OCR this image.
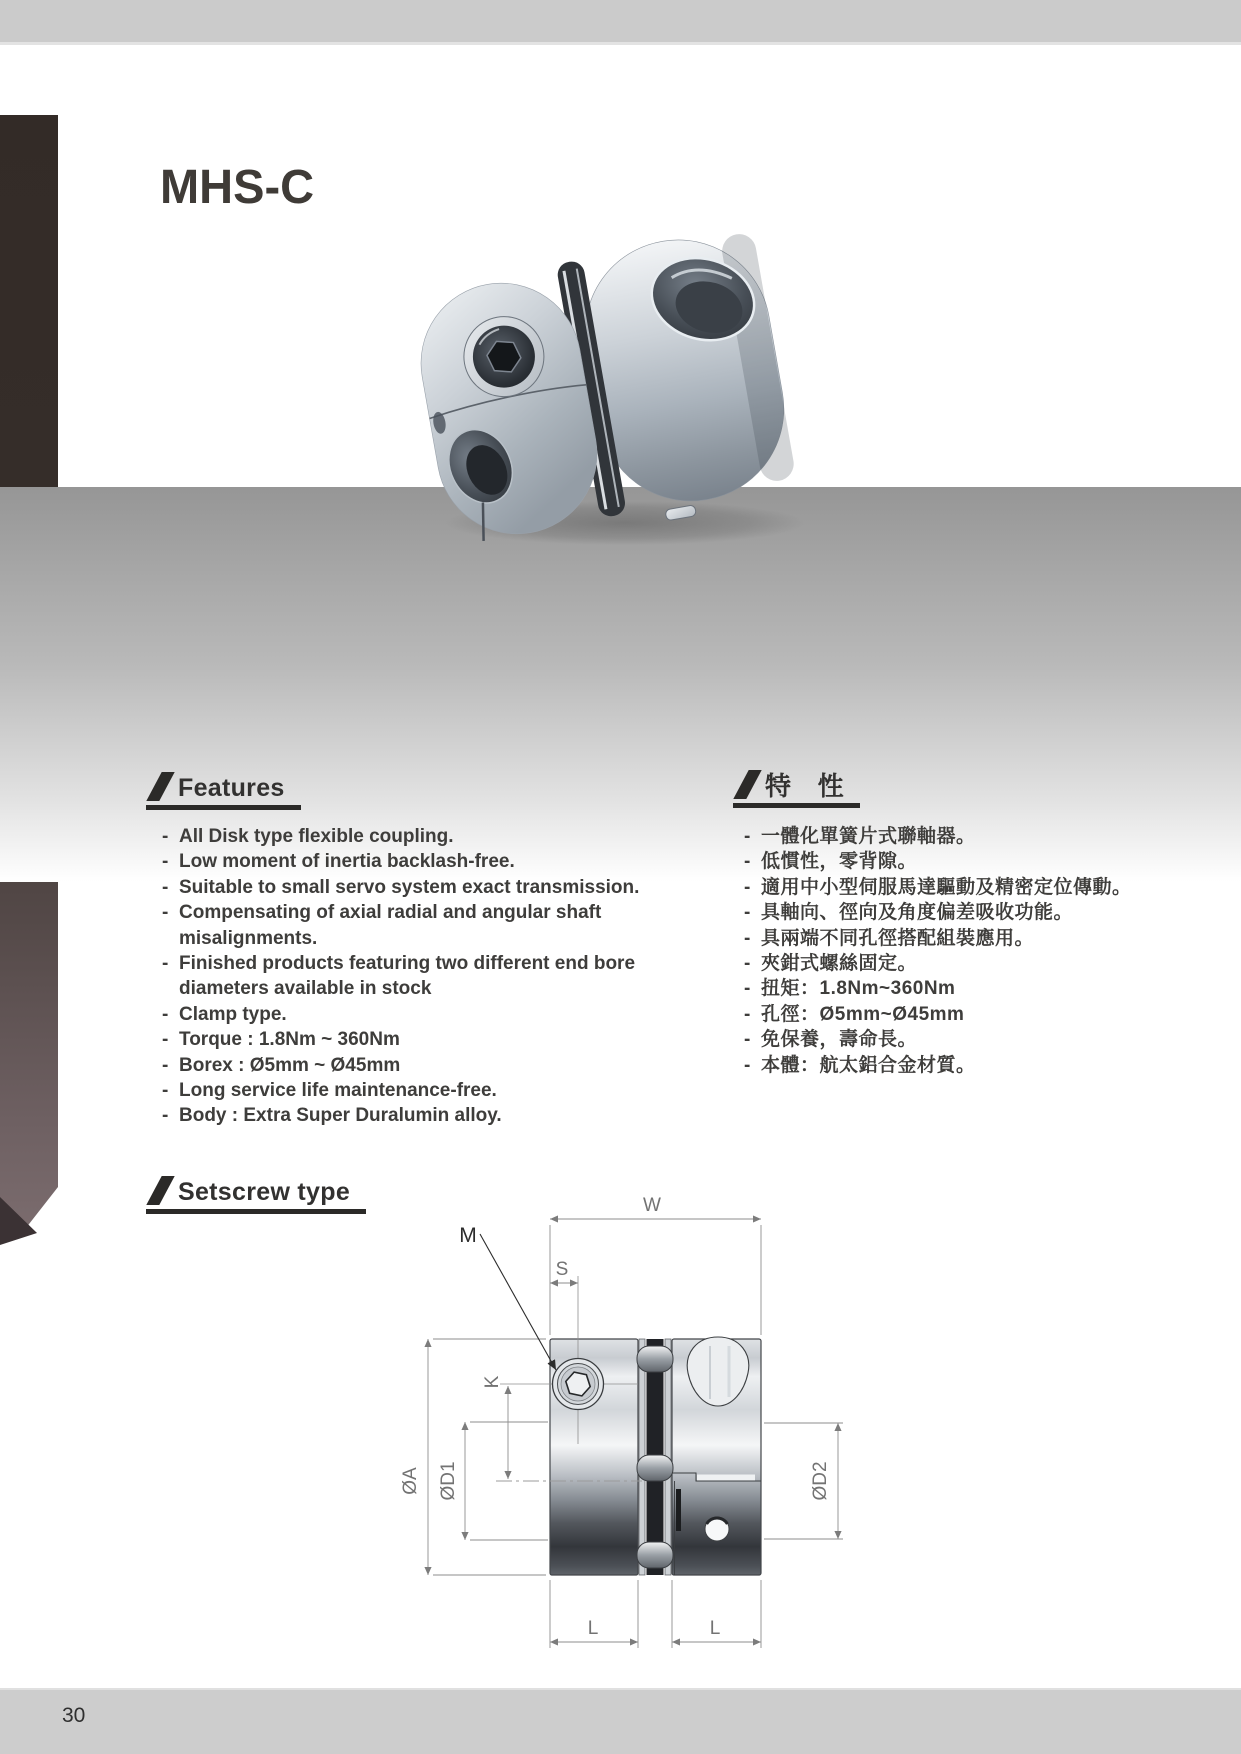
MHS-C
Features	特　性
- All Disk type flexible coupling.
- Low moment of inertia backlash-free.
- Suitable to small servo system exact transmission.
- Compensating of axial radial and angular shaft misalignments.
- Finished products featuring two different end bore diameters available in stock
- Clamp type.
- Torque : 1.8Nm ~ 360Nm
- Borex : Ø5mm ~ Ø45mm
- Long service life maintenance-free.
- Body : Extra Super Duralumin alloy.
- 一體化單簧片式聯軸器。
- 低慣性，零背隙。
- 適用中小型伺服馬達驅動及精密定位傳動。
- 具軸向、徑向及角度偏差吸收功能。
- 具兩端不同孔徑搭配組裝應用。
- 夾鉗式螺絲固定。
- 扭矩：1.8Nm~360Nm
- 孔徑：Ø5mm~Ø45mm
- 免保養，壽命長。
- 本體：航太鋁合金材質。
Setscrew type	W
S
M
K
ØA ØD1	ØD2
L	L
30
